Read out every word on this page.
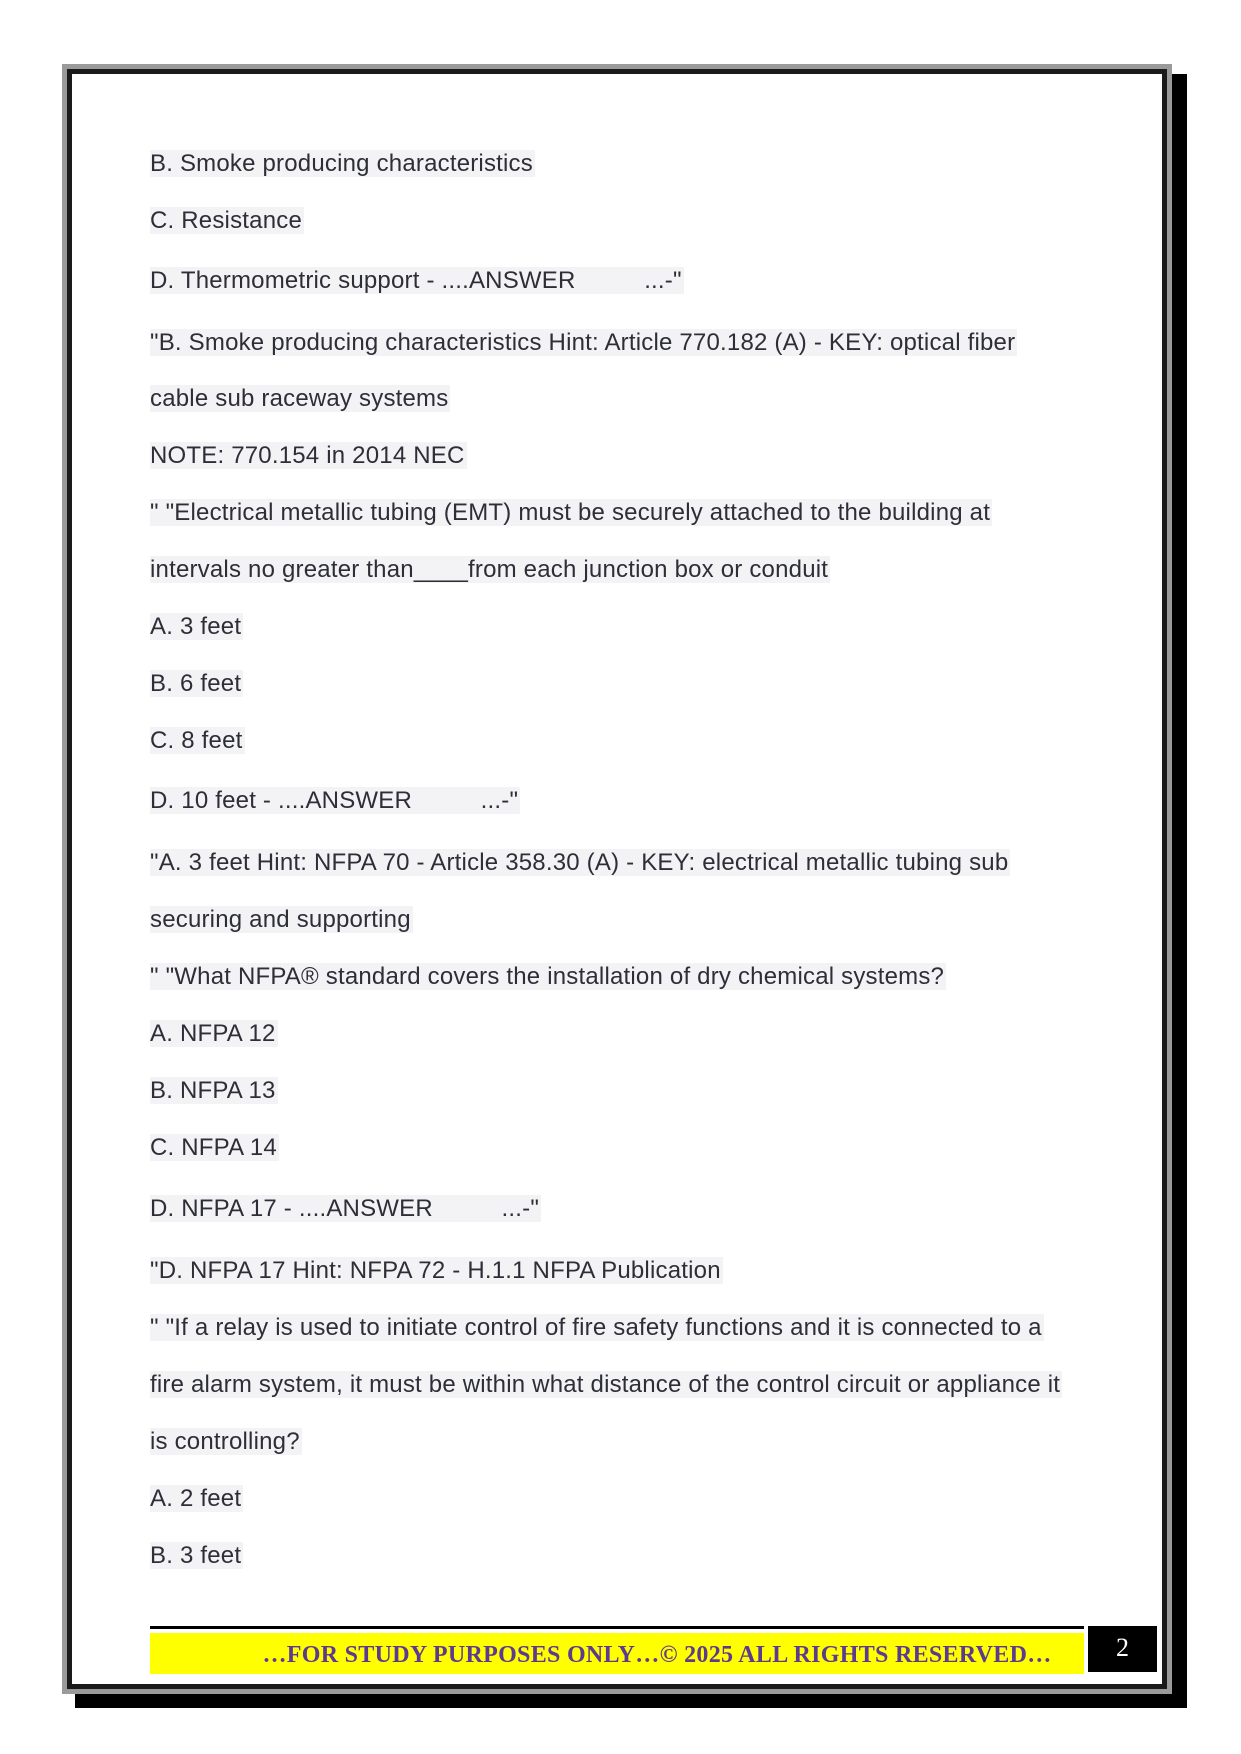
B. Smoke producing characteristics
C. Resistance
D. Thermometric support - ....ANSWER          ...-"
"B. Smoke producing characteristics Hint: Article 770.182 (A) - KEY: optical fiber
cable sub raceway systems
NOTE: 770.154 in 2014 NEC
" "Electrical metallic tubing (EMT) must be securely attached to the building at
intervals no greater than____from each junction box or conduit
A. 3 feet
B. 6 feet
C. 8 feet
D. 10 feet - ....ANSWER          ...-"
"A. 3 feet Hint: NFPA 70 - Article 358.30 (A) - KEY: electrical metallic tubing sub
securing and supporting
" "What NFPA® standard covers the installation of dry chemical systems?
A. NFPA 12
B. NFPA 13
C. NFPA 14
D. NFPA 17 - ....ANSWER          ...-"
"D. NFPA 17 Hint: NFPA 72 - H.1.1 NFPA Publication
" "If a relay is used to initiate control of fire safety functions and it is connected to a
fire alarm system, it must be within what distance of the control circuit or appliance it
is controlling?
A. 2 feet
B. 3 feet
…FOR STUDY PURPOSES ONLY…© 2025 ALL RIGHTS RESERVED…	2
